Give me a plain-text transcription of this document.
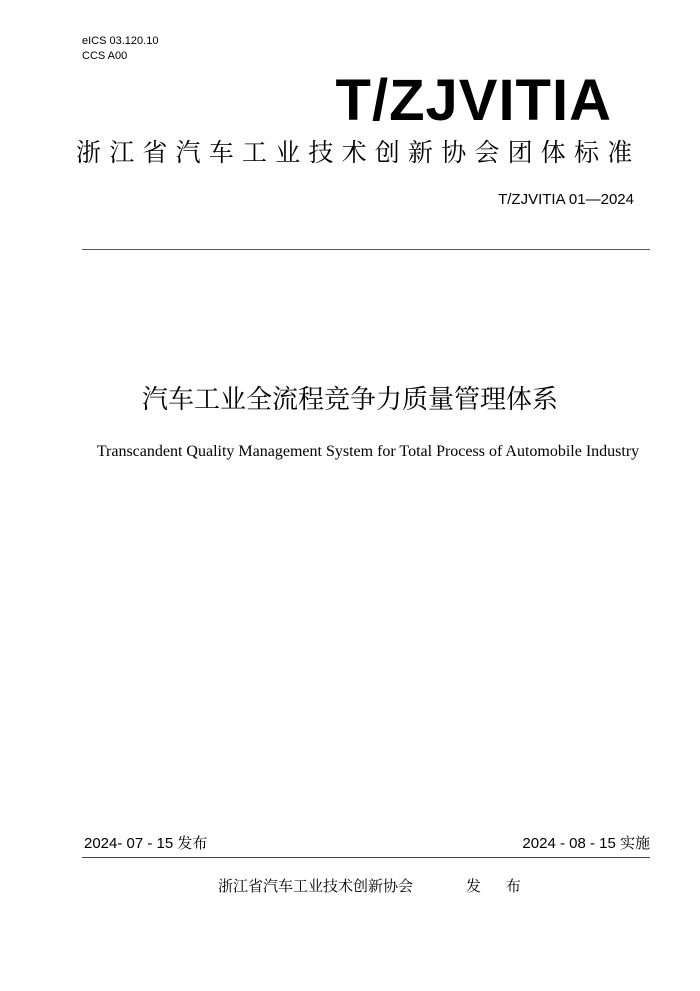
eICS 03.120.10
CCS A00
T/ZJVITIA
浙江省汽车工业技术创新协会团体标准
T/ZJVITIA 01—2024
汽车工业全流程竞争力质量管理体系
Transcandent Quality Management System for Total Process of Automobile Industry
2024- 07 - 15 发布	2024 - 08 - 15 实施
浙江省汽车工业技术创新协会	发 布
